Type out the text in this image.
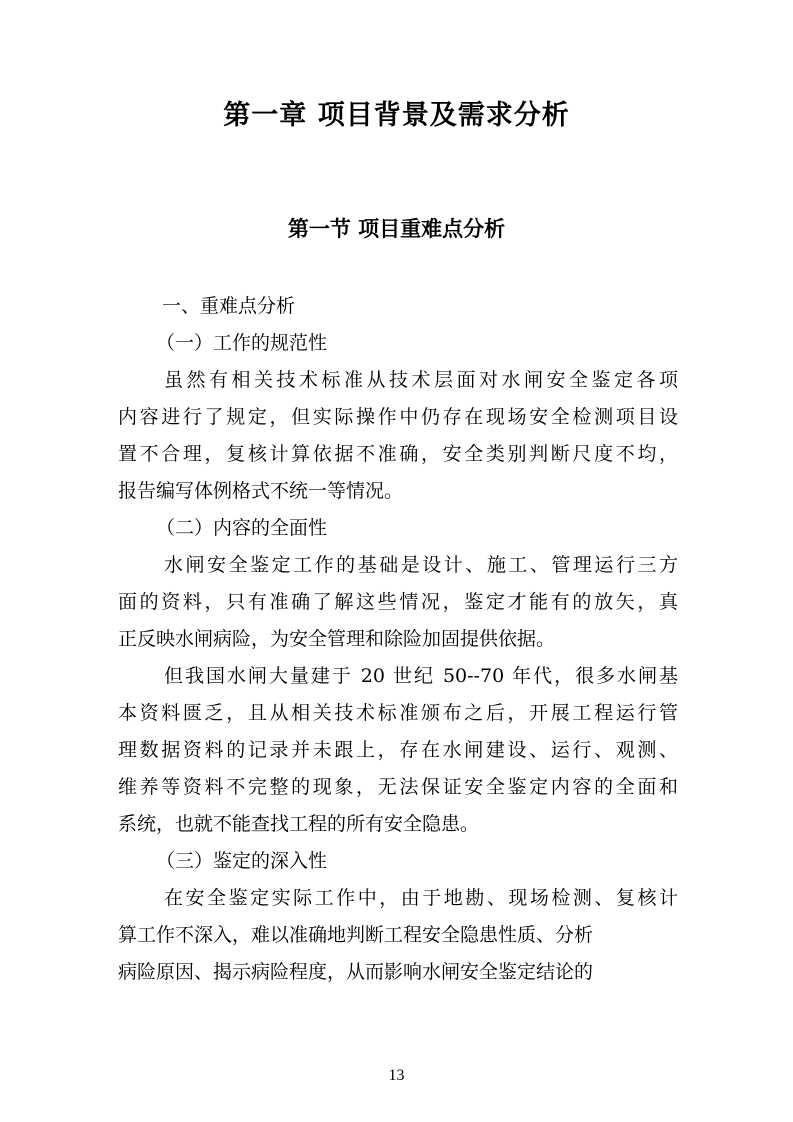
第一章 项目背景及需求分析
第一节 项目重难点分析
一、重难点分析
（一）工作的规范性
虽然有相关技术标准从技术层面对水闸安全鉴定各项
内容进行了规定，但实际操作中仍存在现场安全检测项目设
置不合理，复核计算依据不准确，安全类别判断尺度不均，
报告编写体例格式不统一等情况。
（二）内容的全面性
水闸安全鉴定工作的基础是设计、施工、管理运行三方
面的资料，只有准确了解这些情况，鉴定才能有的放矢，真
正反映水闸病险，为安全管理和除险加固提供依据。
但我国水闸大量建于 20 世纪 50--70 年代，很多水闸基
本资料匮乏，且从相关技术标准颁布之后，开展工程运行管
理数据资料的记录并未跟上，存在水闸建设、运行、观测、
维养等资料不完整的现象，无法保证安全鉴定内容的全面和
系统，也就不能查找工程的所有安全隐患。
（三）鉴定的深入性
在安全鉴定实际工作中，由于地勘、现场检测、复核计
算工作不深入，难以准确地判断工程安全隐患性质、分析
病险原因、揭示病险程度，从而影响水闸安全鉴定结论的
13
